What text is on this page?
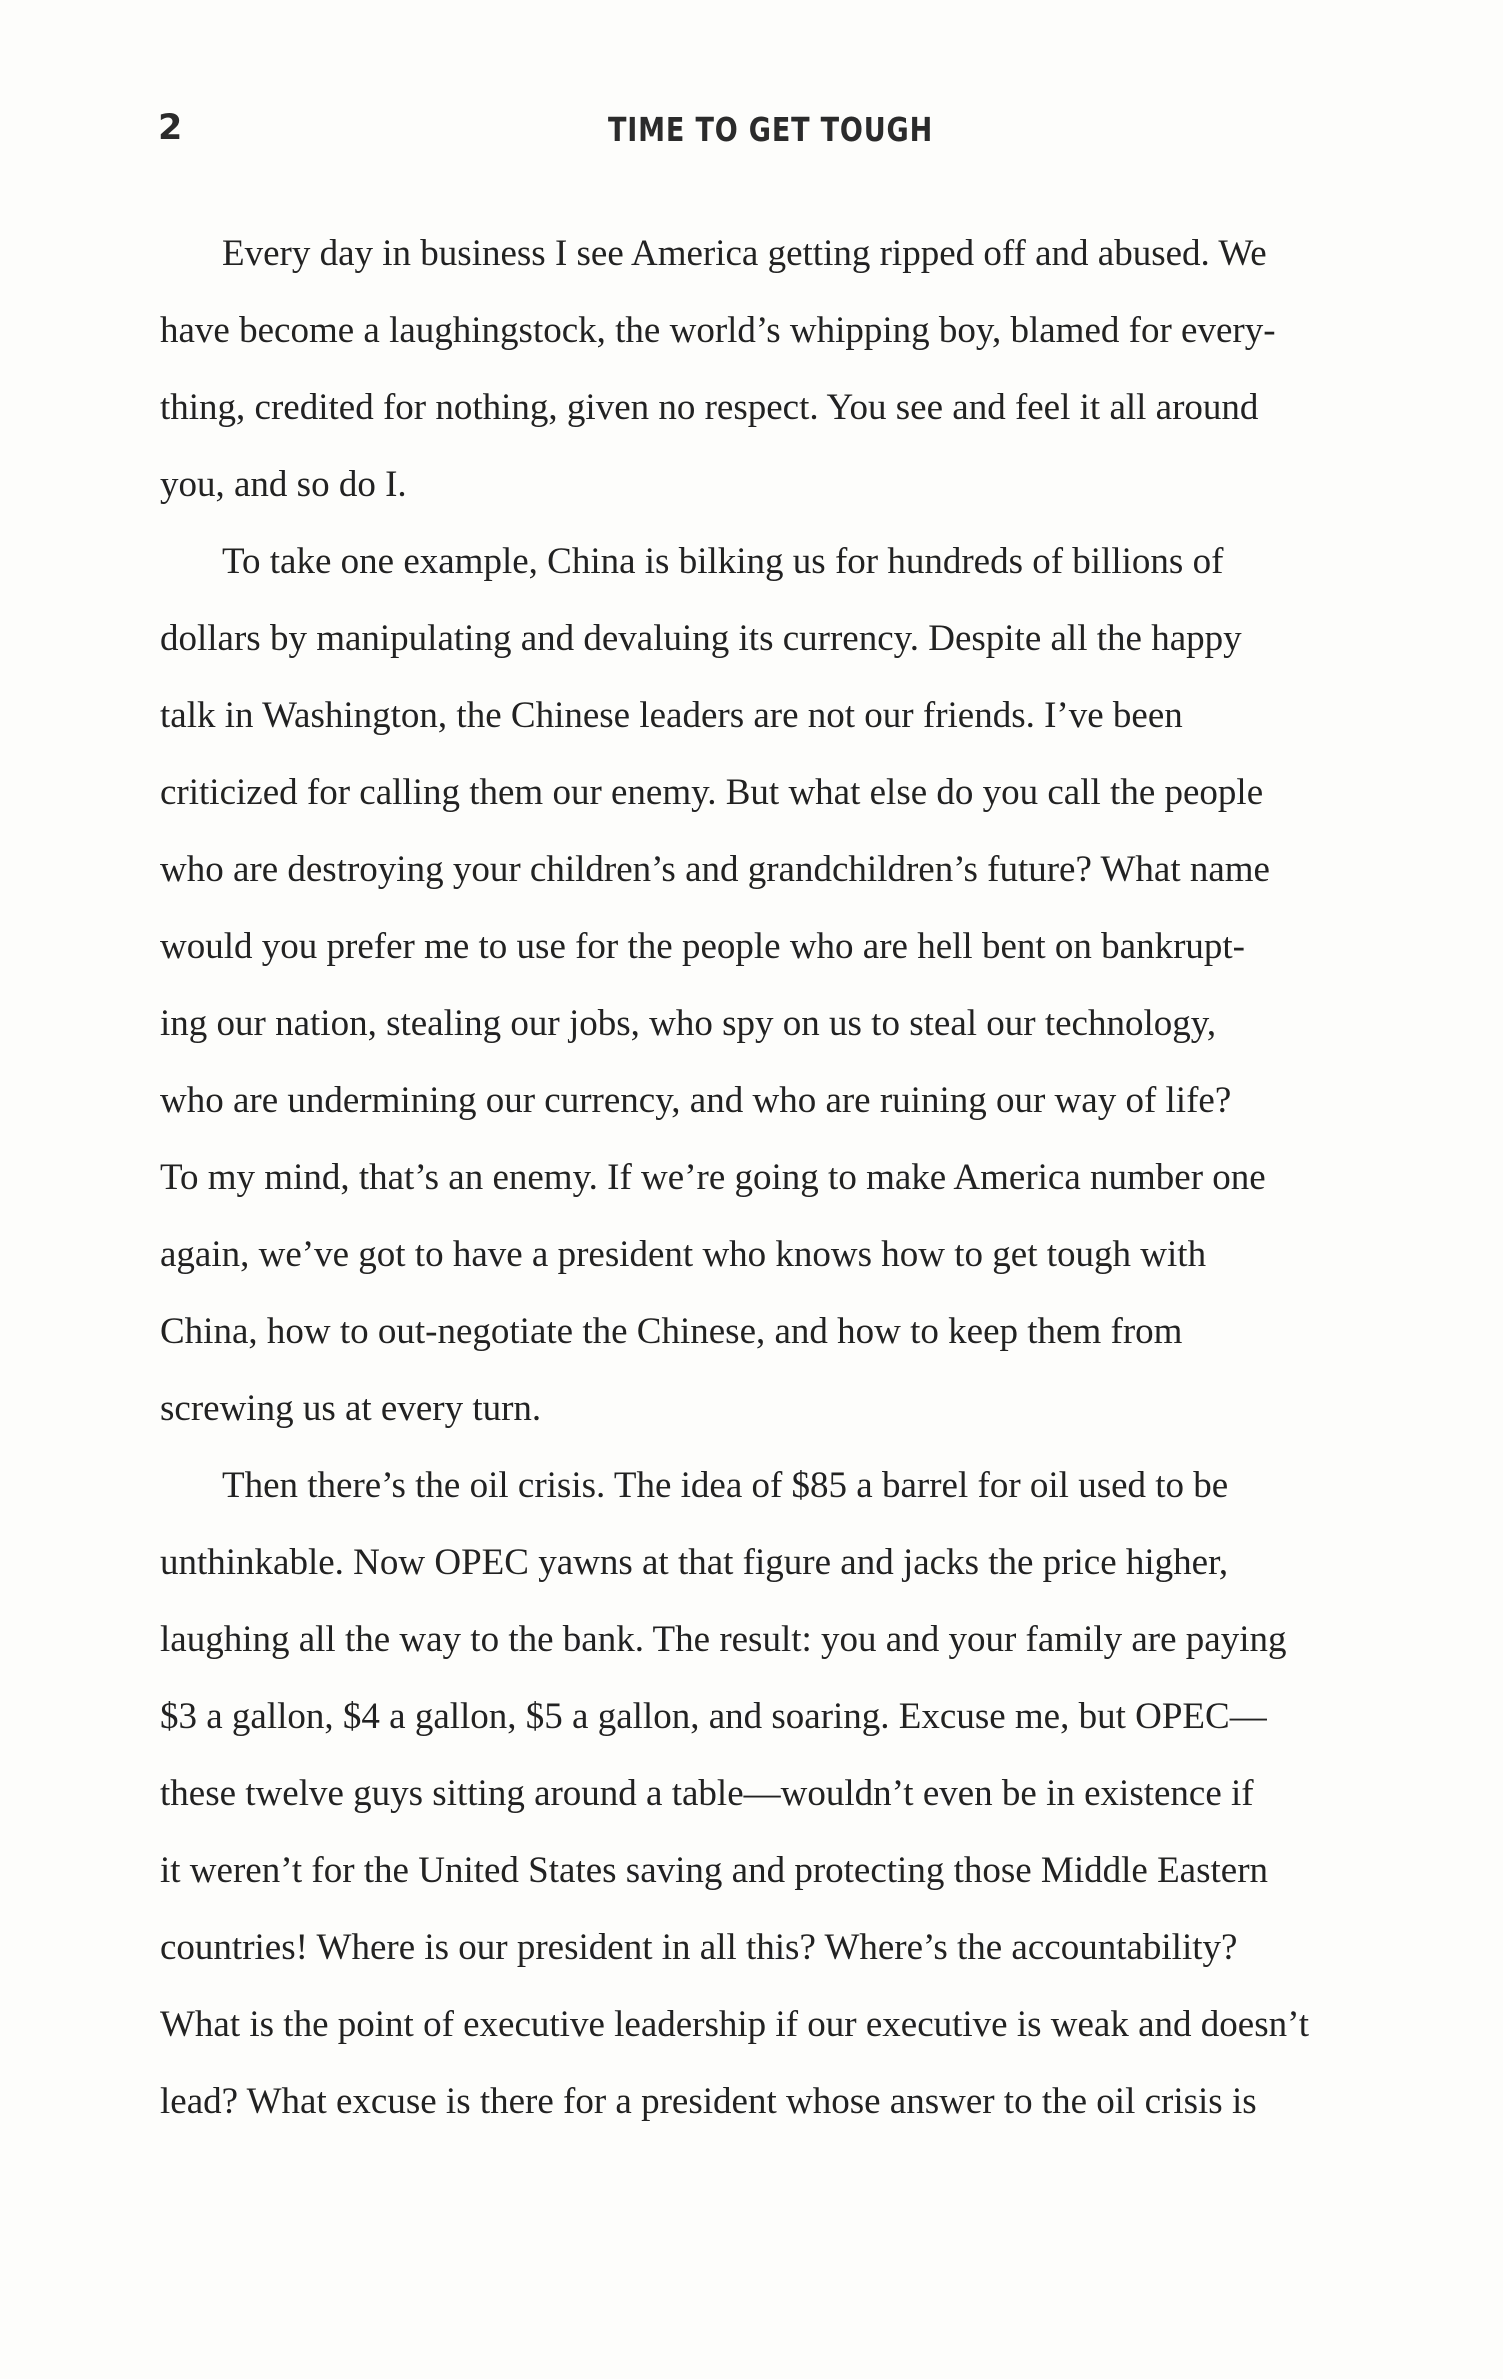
2	TIME TO GET TOUGH
Every day in business I see America getting ripped off and abused. We
have become a laughingstock, the world’s whipping boy, blamed for every-
thing, credited for nothing, given no respect. You see and feel it all around
you, and so do I.
To take one example, China is bilking us for hundreds of billions of
dollars by manipulating and devaluing its currency. Despite all the happy
talk in Washington, the Chinese leaders are not our friends. I’ve been
criticized for calling them our enemy. But what else do you call the people
who are destroying your children’s and grandchildren’s future? What name
would you prefer me to use for the people who are hell bent on bankrupt-
ing our nation, stealing our jobs, who spy on us to steal our technology,
who are undermining our currency, and who are ruining our way of life?
To my mind, that’s an enemy. If we’re going to make America number one
again, we’ve got to have a president who knows how to get tough with
China, how to out-negotiate the Chinese, and how to keep them from
screwing us at every turn.
Then there’s the oil crisis. The idea of $85 a barrel for oil used to be
unthinkable. Now OPEC yawns at that figure and jacks the price higher,
laughing all the way to the bank. The result: you and your family are paying
$3 a gallon, $4 a gallon, $5 a gallon, and soaring. Excuse me, but OPEC—
these twelve guys sitting around a table—wouldn’t even be in existence if
it weren’t for the United States saving and protecting those Middle Eastern
countries! Where is our president in all this? Where’s the accountability?
What is the point of executive leadership if our executive is weak and doesn’t
lead? What excuse is there for a president whose answer to the oil crisis is
